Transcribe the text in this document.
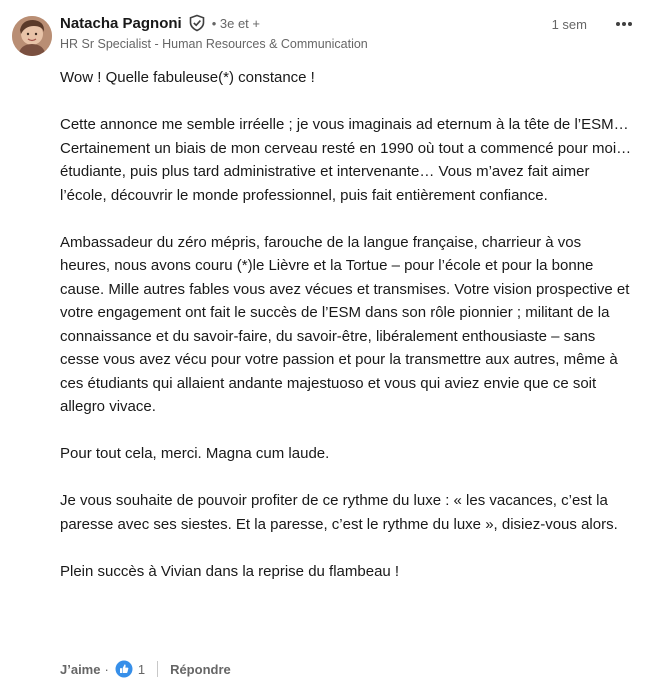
Natacha Pagnoni • 3e et +	1 sem
HR Sr Specialist - Human Resources & Communication

Wow ! Quelle fabuleuse(*) constance !

Cette annonce me semble irréelle ; je vous imaginais ad eternum à la tête de l’ESM… Certainement un biais de mon cerveau resté en 1990 où tout a commencé pour moi… étudiante, puis plus tard administrative et intervenante… Vous m’avez fait aimer l’école, découvrir le monde professionnel, puis fait entièrement confiance.

Ambassadeur du zéro mépris, farouche de la langue française, charrieur à vos heures, nous avons couru (*)le Lièvre et la Tortue – pour l’école et pour la bonne cause. Mille autres fables vous avez vécues et transmises. Votre vision prospective et votre engagement ont fait le succès de l’ESM dans son rôle pionnier ; militant de la connaissance et du savoir-faire, du savoir-être, libéralement enthousiaste – sans cesse vous avez vécu pour votre passion et pour la transmettre aux autres, même à ces étudiants qui allaient andante majestuoso et vous qui aviez envie que ce soit allegro vivace.

Pour tout cela, merci. Magna cum laude.

Je vous souhaite de pouvoir profiter de ce rythme du luxe : « les vacances, c’est la paresse avec ses siestes. Et la paresse, c’est le rythme du luxe », disiez-vous alors.

Plein succès à Vivian dans la reprise du flambeau !

J’aime · 1 Répondre
